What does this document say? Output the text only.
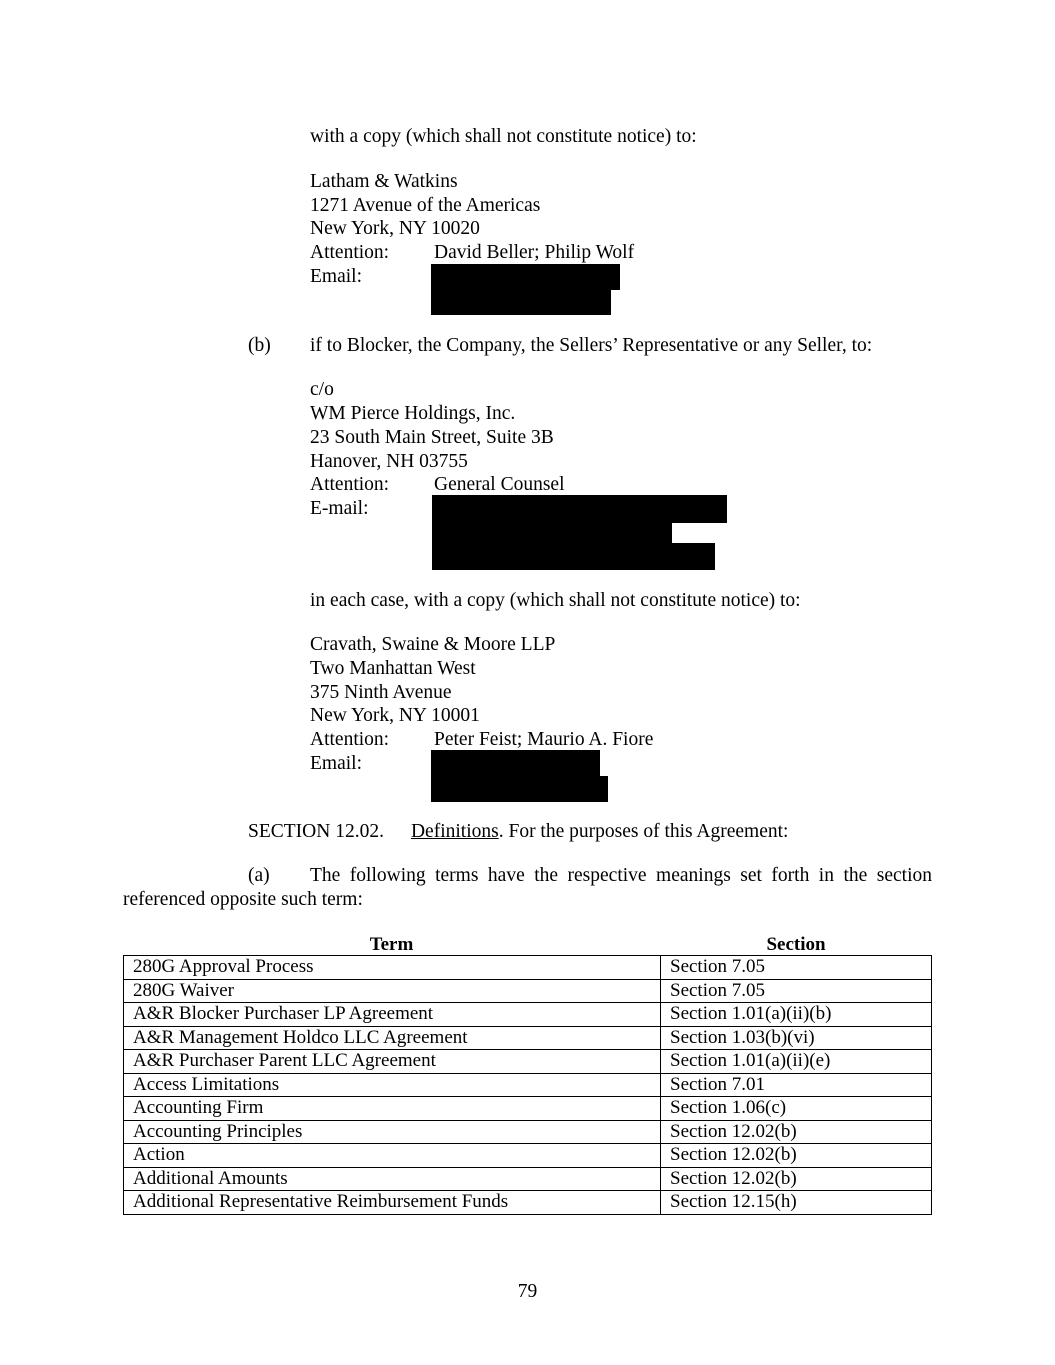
with a copy (which shall not constitute notice) to:
Latham & Watkins
1271 Avenue of the Americas
New York, NY 10020
Attention: David Beller; Philip Wolf
Email:
(b) if to Blocker, the Company, the Sellers’ Representative or any Seller, to:
c/o
WM Pierce Holdings, Inc.
23 South Main Street, Suite 3B
Hanover, NH 03755
Attention: General Counsel
E-mail:
in each case, with a copy (which shall not constitute notice) to:
Cravath, Swaine & Moore LLP
Two Manhattan West
375 Ninth Avenue
New York, NY 10001
Attention: Peter Feist; Maurio A. Fiore
Email:
SECTION 12.02. Definitions. For the purposes of this Agreement:
(a) The following terms have the respective meanings set forth in the section
referenced opposite such term:
Term	Section
280G Approval Process	Section 7.05
280G Waiver	Section 7.05
A&R Blocker Purchaser LP Agreement	Section 1.01(a)(ii)(b)
A&R Management Holdco LLC Agreement	Section 1.03(b)(vi)
A&R Purchaser Parent LLC Agreement	Section 1.01(a)(ii)(e)
Access Limitations	Section 7.01
Accounting Firm	Section 1.06(c)
Accounting Principles	Section 12.02(b)
Action	Section 12.02(b)
Additional Amounts	Section 12.02(b)
Additional Representative Reimbursement Funds	Section 12.15(h)
79
